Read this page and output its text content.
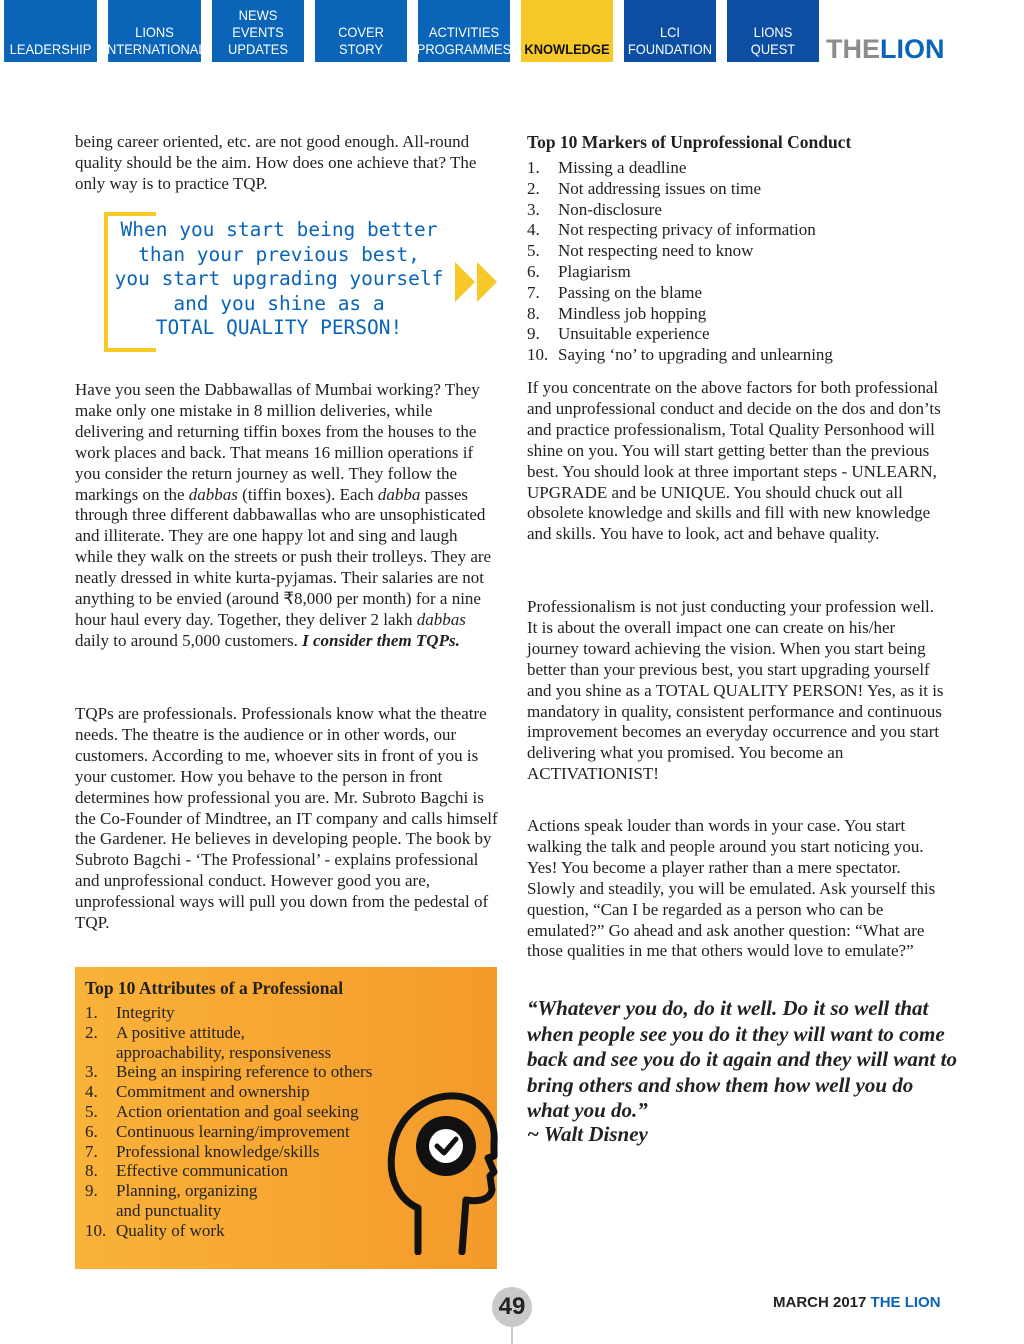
LEADERSHIP
LIONS
INTERNATIONAL
NEWS
EVENTS
UPDATES
COVER STORY
ACTIVITIES
PROGRAMMES KNOWLEDGE
LCI
FOUNDATION
LIONS
QUEST THELION

being career oriented, etc. are not good enough. All-round quality should be the aim. How does one achieve that? The only way is to practice TQP.

When you start being better
than your previous best,
you start upgrading yourself
and you shine as a
TOTAL QUALITY PERSON!

Have you seen the Dabbawallas of Mumbai working? They make only one mistake in 8 million deliveries, while delivering and returning tiffin boxes from the houses to the work places and back. That means 16 million operations if you consider the return journey as well. They follow the markings on the dabbas (tiffin boxes). Each dabba passes through three different dabbawallas who are unsophisticated and illiterate. They are one happy lot and sing and laugh while they walk on the streets or push their trolleys. They are neatly dressed in white kurta-pyjamas. Their salaries are not anything to be envied (around ₹8,000 per month) for a nine hour haul every day. Together, they deliver 2 lakh dabbas daily to around 5,000 customers. I consider them TQPs.

TQPs are professionals. Professionals know what the theatre needs. The theatre is the audience or in other words, our customers. According to me, whoever sits in front of you is your customer. How you behave to the person in front determines how professional you are. Mr. Subroto Bagchi is the Co-Founder of Mindtree, an IT company and calls himself the Gardener. He believes in developing people. The book by Subroto Bagchi - ‘The Professional’ - explains professional and unprofessional conduct. However good you are, unprofessional ways will pull you down from the pedestal of TQP.

Top 10 Attributes of a Professional
1. Integrity
2. A positive attitude,
approachability, responsiveness
3. Being an inspiring reference to others
4. Commitment and ownership
5. Action orientation and goal seeking
6. Continuous learning/improvement
7. Professional knowledge/skills
8. Effective communication
9. Planning, organizing
and punctuality
10. Quality of work
Top 10 Markers of Unprofessional Conduct
1. Missing a deadline
2. Not addressing issues on time
3. Non-disclosure
4. Not respecting privacy of information
5. Not respecting need to know
6. Plagiarism
7. Passing on the blame
8. Mindless job hopping
9. Unsuitable experience
10. Saying ‘no’ to upgrading and unlearning

If you concentrate on the above factors for both professional and unprofessional conduct and decide on the dos and don’ts and practice professionalism, Total Quality Personhood will shine on you. You will start getting better than the previous best. You should look at three important steps - UNLEARN, UPGRADE and be UNIQUE. You should chuck out all obsolete knowledge and skills and fill with new knowledge and skills. You have to look, act and behave quality.

Professionalism is not just conducting your profession well. It is about the overall impact one can create on his/her journey toward achieving the vision. When you start being better than your previous best, you start upgrading yourself and you shine as a TOTAL QUALITY PERSON! Yes, as it is mandatory in quality, consistent performance and continuous improvement becomes an everyday occurrence and you start delivering what you promised. You become an ACTIVATIONIST!

Actions speak louder than words in your case. You start walking the talk and people around you start noticing you. Yes! You become a player rather than a mere spectator. Slowly and steadily, you will be emulated. Ask yourself this question, “Can I be regarded as a person who can be emulated?” Go ahead and ask another question: “What are those qualities in me that others would love to emulate?”

“Whatever you do, do it well. Do it so well that when people see you do it they will want to come back and see you do it again and they will want to bring others and show them how well you do what you do.”

~ Walt Disney
49	MARCH 2017 THE LION
